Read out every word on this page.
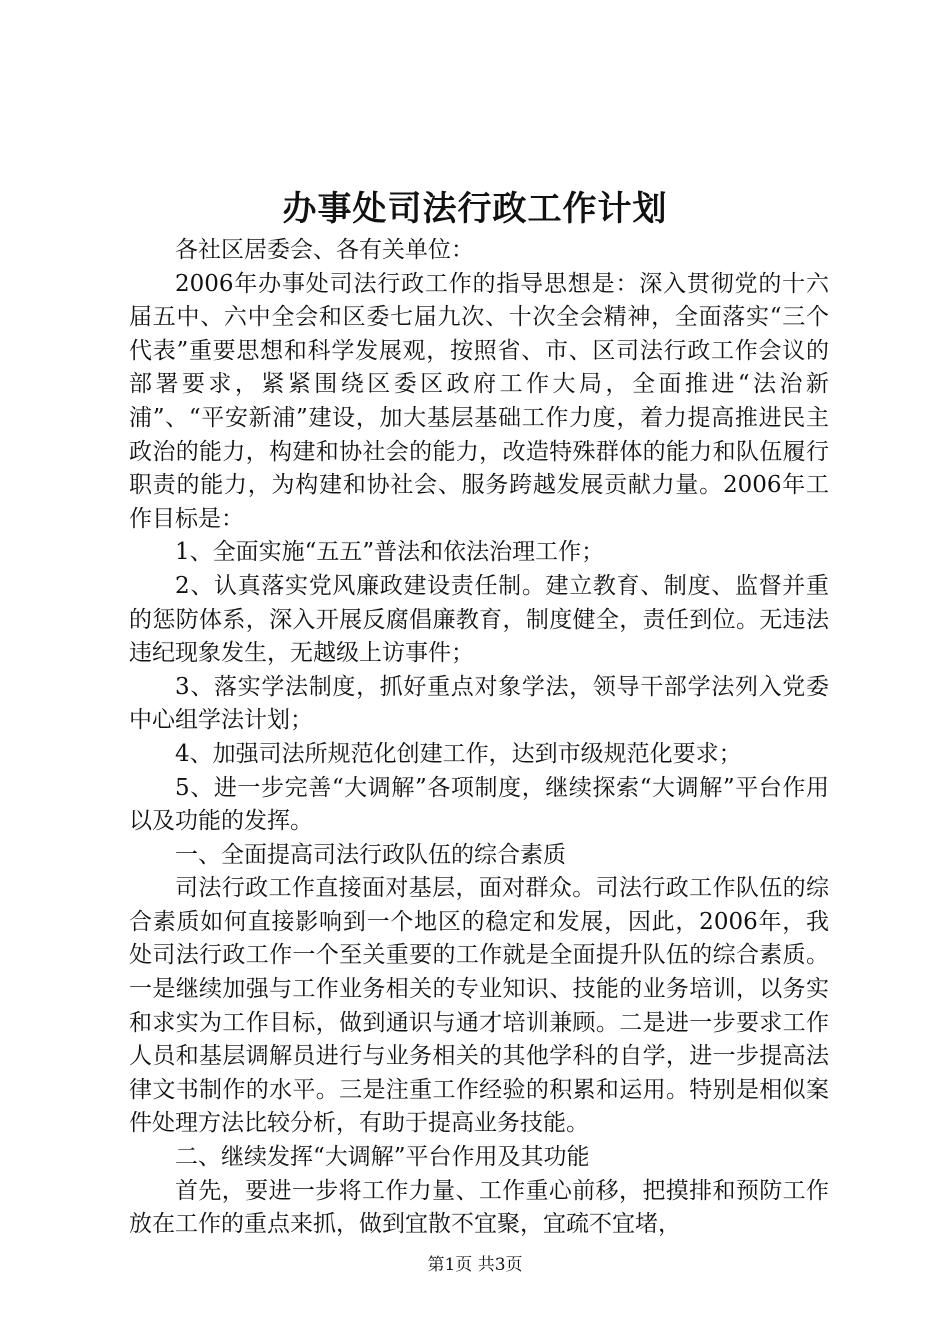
办事处司法行政工作计划

各社区居委会、各有关单位：

2006年办事处司法行政工作的指导思想是：深入贯彻党的十六届五中、六中全会和区委七届九次、十次全会精神，全面落实“三个代表”重要思想和科学发展观，按照省、市、区司法行政工作会议的部署要求，紧紧围绕区委区政府工作大局，全面推进“法治新浦”、“平安新浦”建设，加大基层基础工作力度，着力提高推进民主政治的能力，构建和协社会的能力，改造特殊群体的能力和队伍履行职责的能力，为构建和协社会、服务跨越发展贡献力量。2006年工作目标是：

1、全面实施“五五”普法和依法治理工作；

2、认真落实党风廉政建设责任制。建立教育、制度、监督并重的惩防体系，深入开展反腐倡廉教育，制度健全，责任到位。无违法违纪现象发生，无越级上访事件；

3、落实学法制度，抓好重点对象学法，领导干部学法列入党委中心组学法计划；

4、加强司法所规范化创建工作，达到市级规范化要求；

5、进一步完善“大调解”各项制度，继续探索“大调解”平台作用以及功能的发挥。

一、全面提高司法行政队伍的综合素质

司法行政工作直接面对基层，面对群众。司法行政工作队伍的综合素质如何直接影响到一个地区的稳定和发展，因此，2006年，我处司法行政工作一个至关重要的工作就是全面提升队伍的综合素质。一是继续加强与工作业务相关的专业知识、技能的业务培训，以务实和求实为工作目标，做到通识与通才培训兼顾。二是进一步要求工作人员和基层调解员进行与业务相关的其他学科的自学，进一步提高法律文书制作的水平。三是注重工作经验的积累和运用。特别是相似案件处理方法比较分析，有助于提高业务技能。

二、继续发挥“大调解”平台作用及其功能

首先，要进一步将工作力量、工作重心前移，把摸排和预防工作放在工作的重点来抓，做到宜散不宜聚，宜疏不宜堵，

第1页 共3页
